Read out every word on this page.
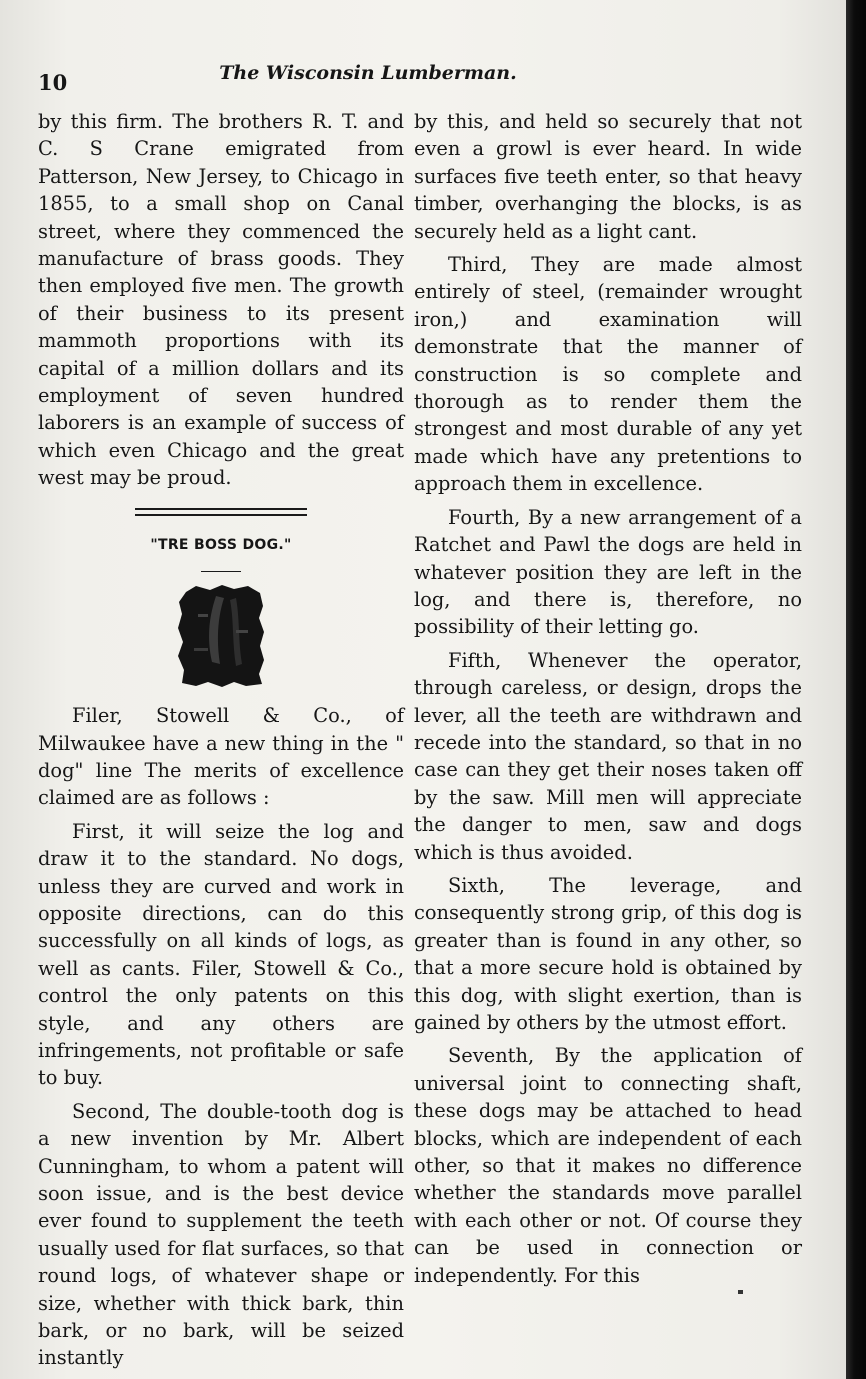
10	The Wisconsin Lumberman.

by this firm. The brothers R. T. and C. S Crane emigrated from Patterson, New Jersey, to Chicago in 1855, to a small shop on Canal street, where they commenced the manufacture of brass goods. They then employed five men. The growth of their business to its present mammoth proportions with its capital of a million dollars and its employment of seven hundred laborers is an example of success of which even Chicago and the great west may be proud.

"TRE BOSS DOG."

Filer, Stowell & Co., of Milwaukee have a new thing in the " dog" line The merits of excellence claimed are as follows :

First, it will seize the log and draw it to the standard. No dogs, unless they are curved and work in opposite directions, can do this successfully on all kinds of logs, as well as cants. Filer, Stowell & Co., control the only patents on this style, and any others are infringements, not profitable or safe to buy.

Second, The double-tooth dog is a new invention by Mr. Albert Cunningham, to whom a patent will soon issue, and is the best device ever found to supplement the teeth usually used for flat surfaces, so that round logs, of whatever shape or size, whether with thick bark, thin bark, or no bark, will be seized instantly

by this, and held so securely that not even a growl is ever heard. In wide surfaces five teeth enter, so that heavy timber, overhanging the blocks, is as securely held as a light cant.

Third, They are made almost entirely of steel, (remainder wrought iron,) and examination will demonstrate that the manner of construction is so complete and thorough as to render them the strongest and most durable of any yet made which have any pretentions to approach them in excellence.

Fourth, By a new arrangement of a Ratchet and Pawl the dogs are held in whatever position they are left in the log, and there is, therefore, no possibility of their letting go.

Fifth, Whenever the operator, through careless, or design, drops the lever, all the teeth are withdrawn and recede into the standard, so that in no case can they get their noses taken off by the saw. Mill men will appreciate the danger to men, saw and dogs which is thus avoided.

Sixth, The leverage, and consequently strong grip, of this dog is greater than is found in any other, so that a more secure hold is obtained by this dog, with slight exertion, than is gained by others by the utmost effort.

Seventh, By the application of universal joint to connecting shaft, these dogs may be attached to head blocks, which are independent of each other, so that it makes no difference whether the standards move parallel with each other or not. Of course they can be used in connection or independently. For this
